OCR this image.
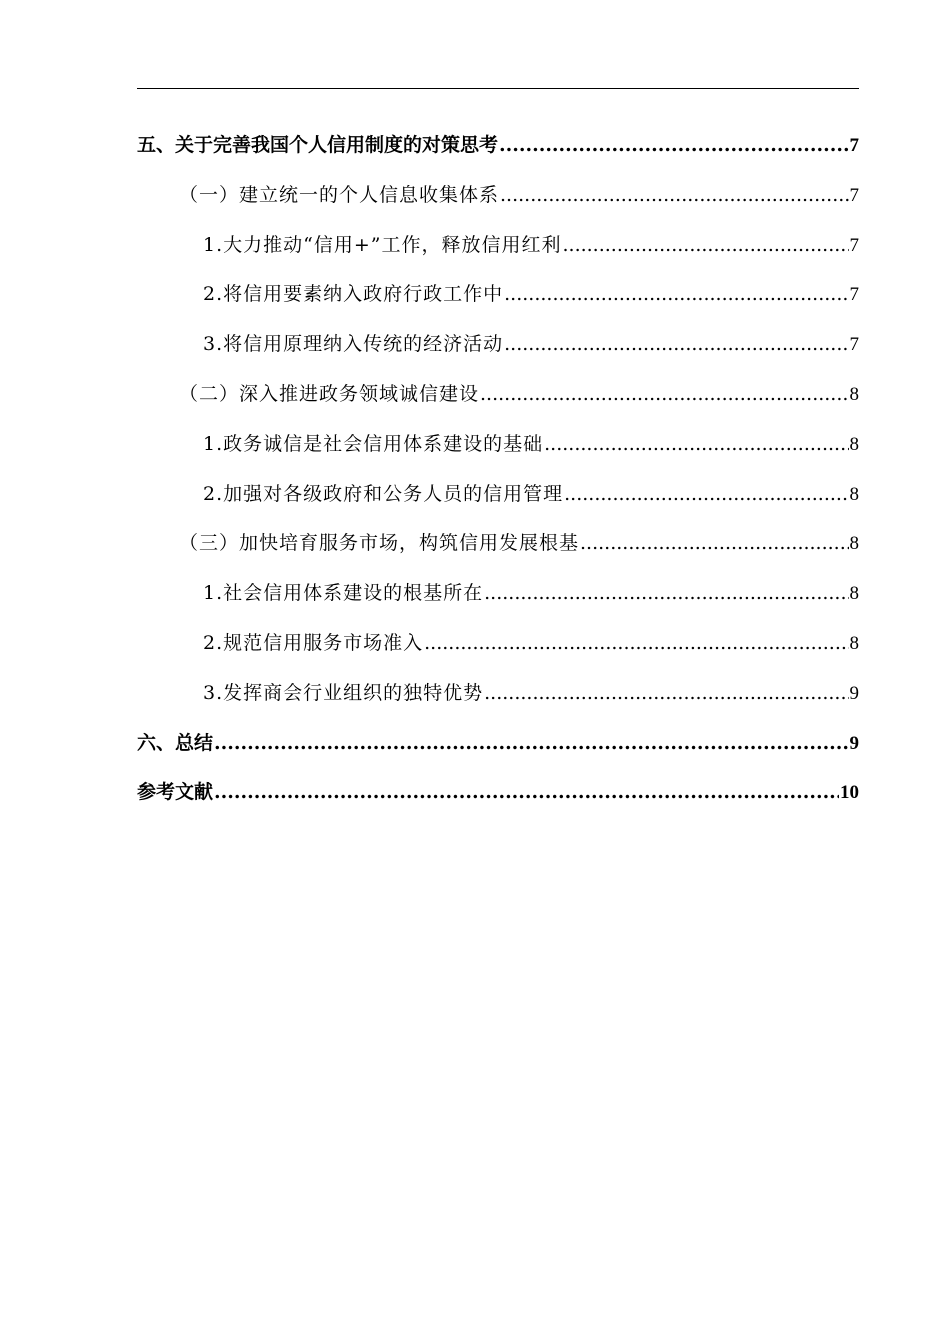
五、关于完善我国个人信用制度的对策思考 .....	7
（一）建立统一的个人信息收集体系 .....	7
1.大力推动“信用+”工作，释放信用红利 .....	7
2.将信用要素纳入政府行政工作中 .....	7
3.将信用原理纳入传统的经济活动 .....	7
（二）深入推进政务领域诚信建设 .....	8
1.政务诚信是社会信用体系建设的基础 .....	8
2.加强对各级政府和公务人员的信用管理 .....	8
（三）加快培育服务市场，构筑信用发展根基 .....	8
1.社会信用体系建设的根基所在 .....	8
2.规范信用服务市场准入 .....	8
3.发挥商会行业组织的独特优势 .....	9
六、总结 .....	9
参考文献 .....	10
